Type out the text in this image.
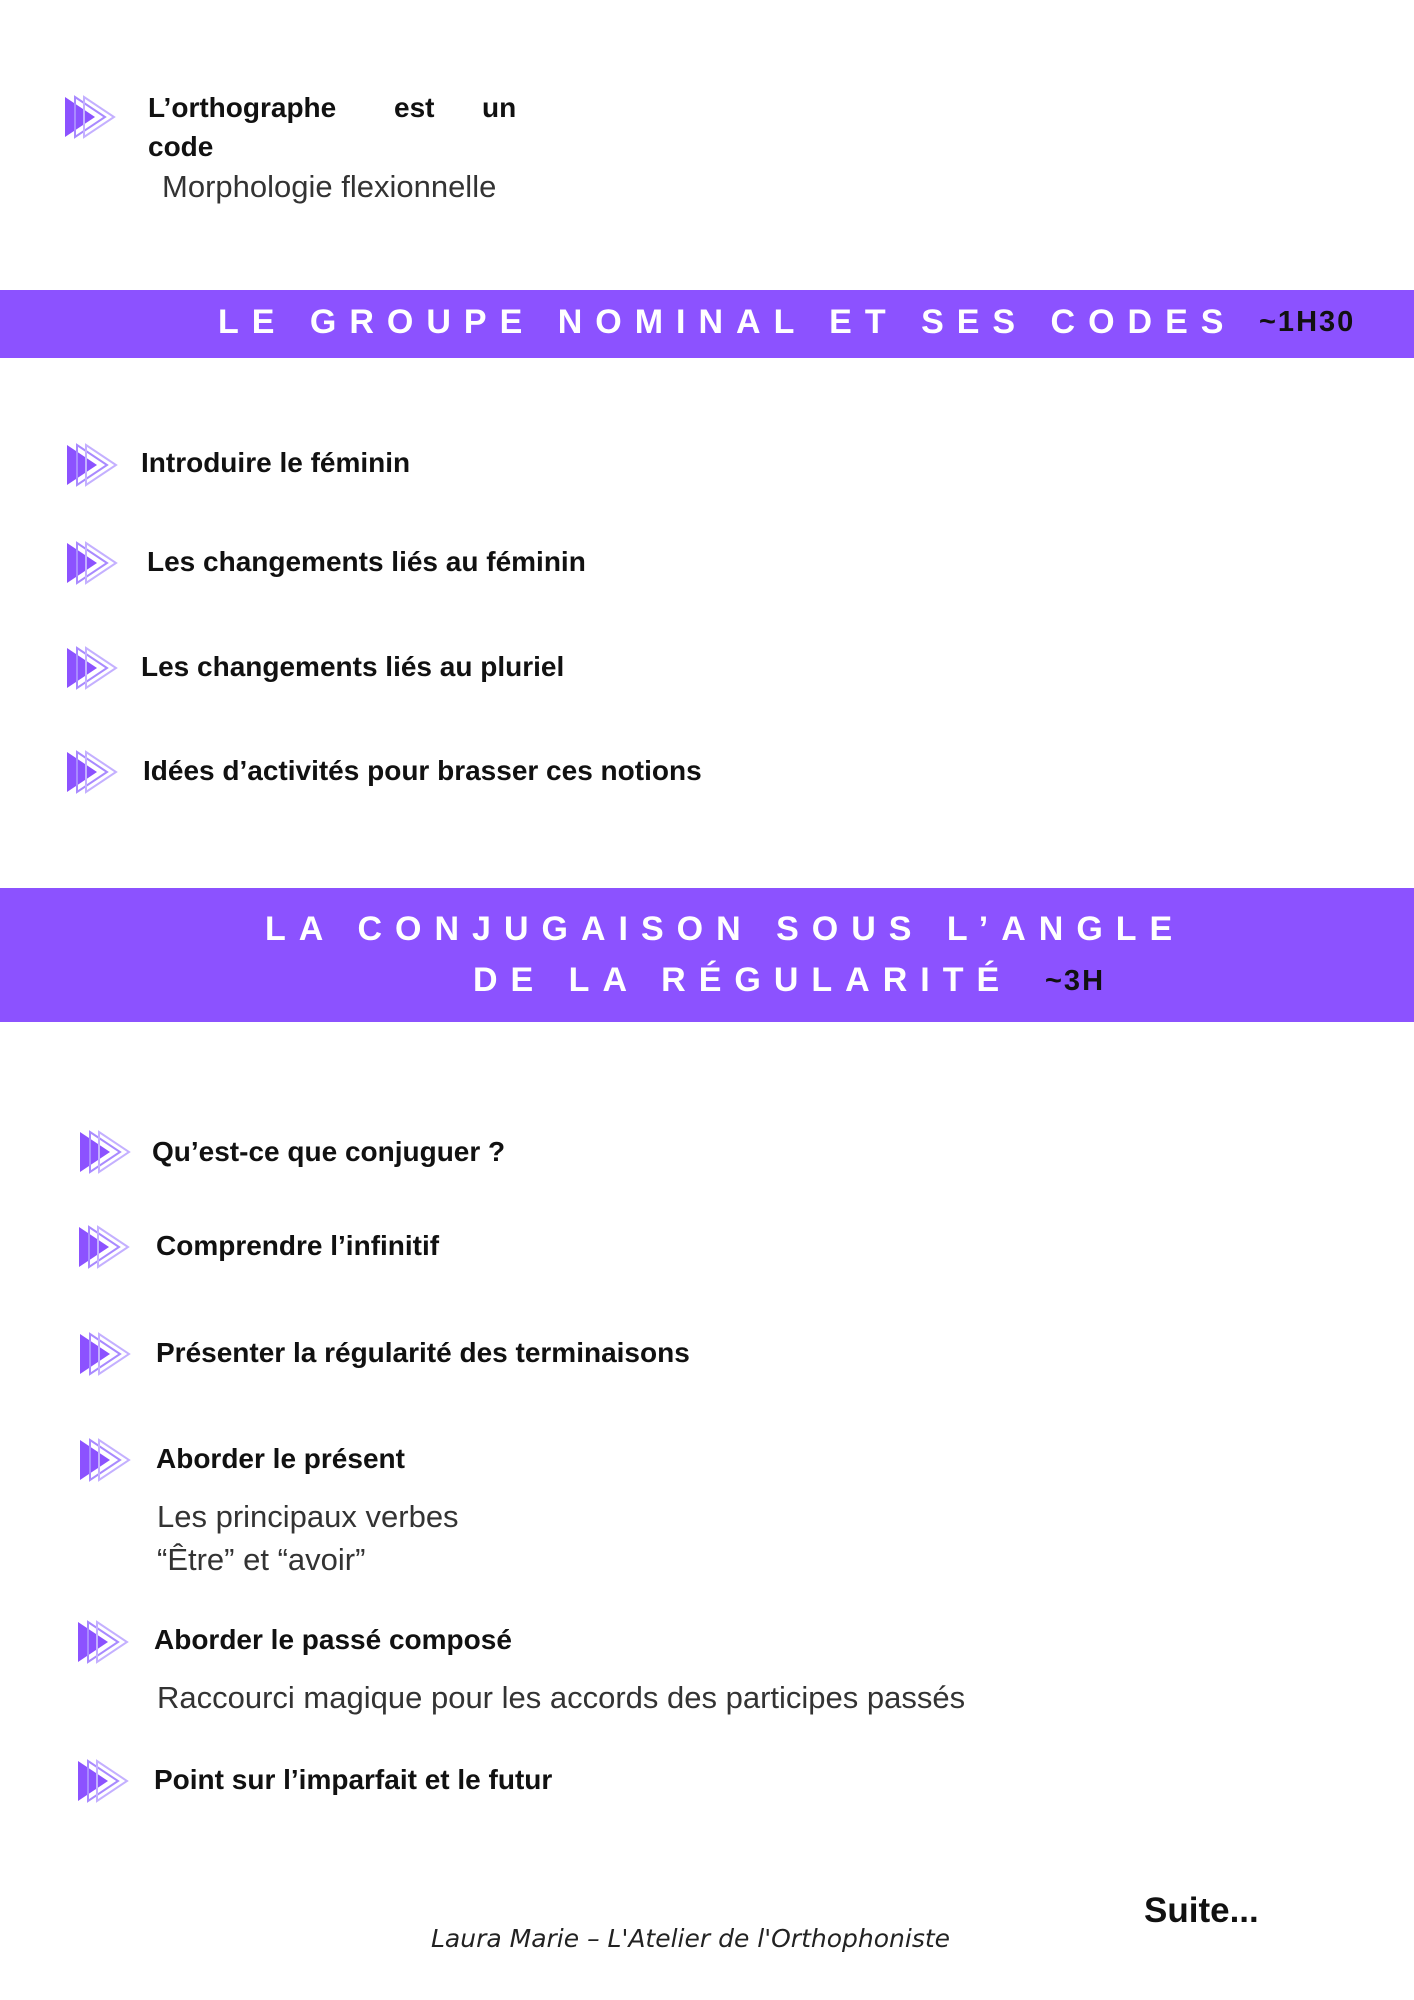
L’orthographe est un
code
Morphologie flexionnelle
LE GROUPE NOMINAL ET SES CODES ~1H30
Introduire le féminin
Les changements liés au féminin
Les changements liés au pluriel
Idées d’activités pour brasser ces notions
LA CONJUGAISON SOUS L’ANGLE
DE LA RÉGULARITÉ ~3H
Qu’est-ce que conjuguer ?
Comprendre l’infinitif
Présenter la régularité des terminaisons
Aborder le présent
Les principaux verbes
“Être” et “avoir”
Aborder le passé composé
Raccourci magique pour les accords des participes passés
Point sur l’imparfait et le futur
Suite...
Laura Marie – L'Atelier de l'Orthophoniste
